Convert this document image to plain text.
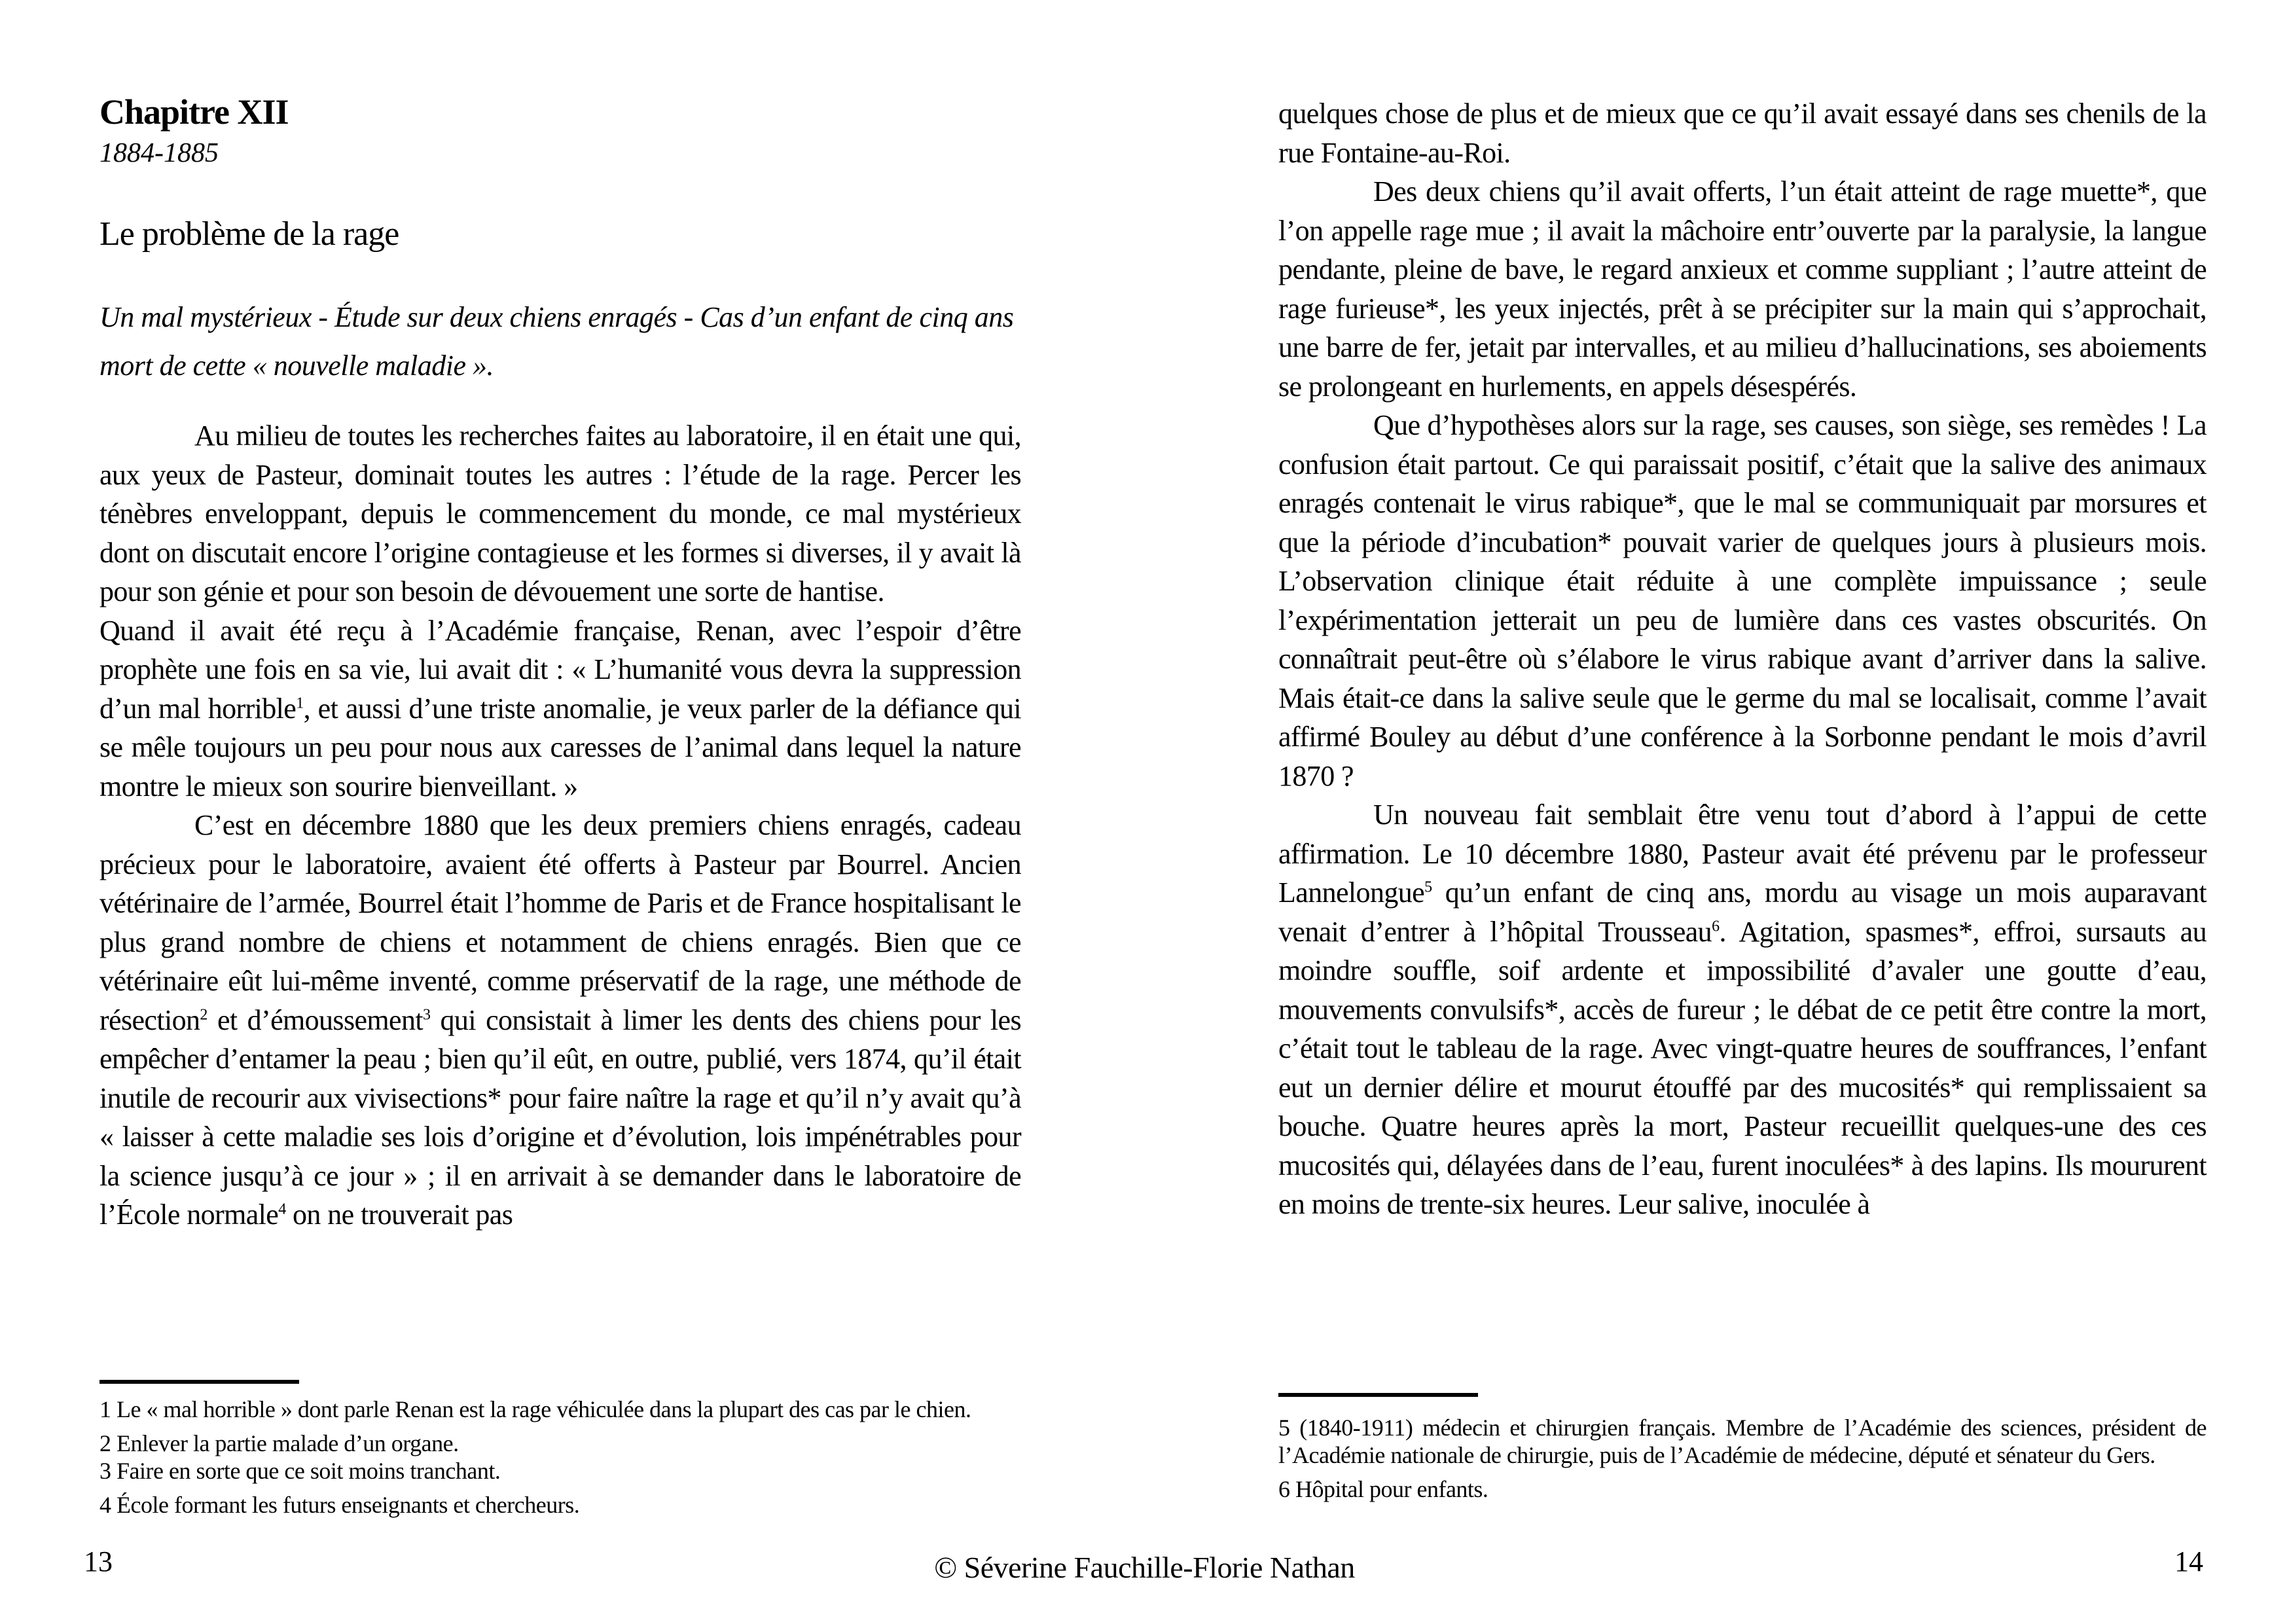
Chapitre XII
1884-1885
Le problème de la rage
Un mal mystérieux - Étude sur deux chiens enragés - Cas d’un enfant de cinq ans mort de cette « nouvelle maladie ».

Au milieu de toutes les recherches faites au laboratoire, il en était une qui, aux yeux de Pasteur, dominait toutes les autres : l’étude de la rage. Percer les ténèbres enveloppant, depuis le commencement du monde, ce mal mystérieux dont on discutait encore l’origine contagieuse et les formes si diverses, il y avait là pour son génie et pour son besoin de dévouement une sorte de hantise.

Quand il avait été reçu à l’Académie française, Renan, avec l’espoir d’être prophète une fois en sa vie, lui avait dit : « L’humanité vous devra la suppression d’un mal horrible$^1$, et aussi d’une triste anomalie, je veux parler de la défiance qui se mêle toujours un peu pour nous aux caresses de l’animal dans lequel la nature montre le mieux son sourire bienveillant. »

C’est en décembre 1880 que les deux premiers chiens enragés, cadeau précieux pour le laboratoire, avaient été offerts à Pasteur par Bourrel. Ancien vétérinaire de l’armée, Bourrel était l’homme de Paris et de France hospitalisant le plus grand nombre de chiens et notamment de chiens enragés. Bien que ce vétérinaire eût lui-même inventé, comme préservatif de la rage, une méthode de résection$^2$ et d’émoussement$^3$ qui consistait à limer les dents des chiens pour les empêcher d’entamer la peau ; bien qu’il eût, en outre, publié, vers 1874, qu’il était inutile de recourir aux vivisections* pour faire naître la rage et qu’il n’y avait qu’à « laisser à cette maladie ses lois d’origine et d’évolution, lois impénétrables pour la science jusqu’à ce jour » ; il en arrivait à se demander dans le laboratoire de l’École normale$^4$ on ne trouverait pas

1 Le « mal horrible » dont parle Renan est la rage véhiculée dans la plupart des cas par le chien.

2 Enlever la partie malade d’un organe.

3 Faire en sorte que ce soit moins tranchant.

4 École formant les futurs enseignants et chercheurs.

13

quelques chose de plus et de mieux que ce qu’il avait essayé dans ses chenils de la rue Fontaine-au-Roi.

Des deux chiens qu’il avait offerts, l’un était atteint de rage muette*, que l’on appelle rage mue ; il avait la mâchoire entr’ouverte par la paralysie, la langue pendante, pleine de bave, le regard anxieux et comme suppliant ; l’autre atteint de rage furieuse*, les yeux injectés, prêt à se précipiter sur la main qui s’approchait, une barre de fer, jetait par intervalles, et au milieu d’hallucinations, ses aboiements se prolongeant en hurlements, en appels désespérés.

Que d’hypothèses alors sur la rage, ses causes, son siège, ses remèdes ! La confusion était partout. Ce qui paraissait positif, c’était que la salive des animaux enragés contenait le virus rabique*, que le mal se communiquait par morsures et que la période d’incubation* pouvait varier de quelques jours à plusieurs mois. L’observation clinique était réduite à une complète impuissance ; seule l’expérimentation jetterait un peu de lumière dans ces vastes obscurités. On connaîtrait peut-être où s’élabore le virus rabique avant d’arriver dans la salive. Mais était-ce dans la salive seule que le germe du mal se localisait, comme l’avait affirmé Bouley au début d’une conférence à la Sorbonne pendant le mois d’avril 1870 ?

Un nouveau fait semblait être venu tout d’abord à l’appui de cette affirmation. Le 10 décembre 1880, Pasteur avait été prévenu par le professeur Lannelongue$^5$ qu’un enfant de cinq ans, mordu au visage un mois auparavant venait d’entrer à l’hôpital Trousseau$^6$. Agitation, spasmes*, effroi, sursauts au moindre souffle, soif ardente et impossibilité d’avaler une goutte d’eau, mouvements convulsifs*, accès de fureur ; le débat de ce petit être contre la mort, c’était tout le tableau de la rage. Avec vingt-quatre heures de souffrances, l’enfant eut un dernier délire et mourut étouffé par des mucosités* qui remplissaient sa bouche. Quatre heures après la mort, Pasteur recueillit quelques-une des ces mucosités qui, délayées dans de l’eau, furent inoculées* à des lapins. Ils moururent en moins de trente-six heures. Leur salive, inoculée à

5 (1840-1911) médecin et chirurgien français. Membre de l’Académie des sciences, président de l’Académie nationale de chirurgie, puis de l’Académie de médecine, député et sénateur du Gers.

6 Hôpital pour enfants.

14
© Séverine Fauchille-Florie Nathan
